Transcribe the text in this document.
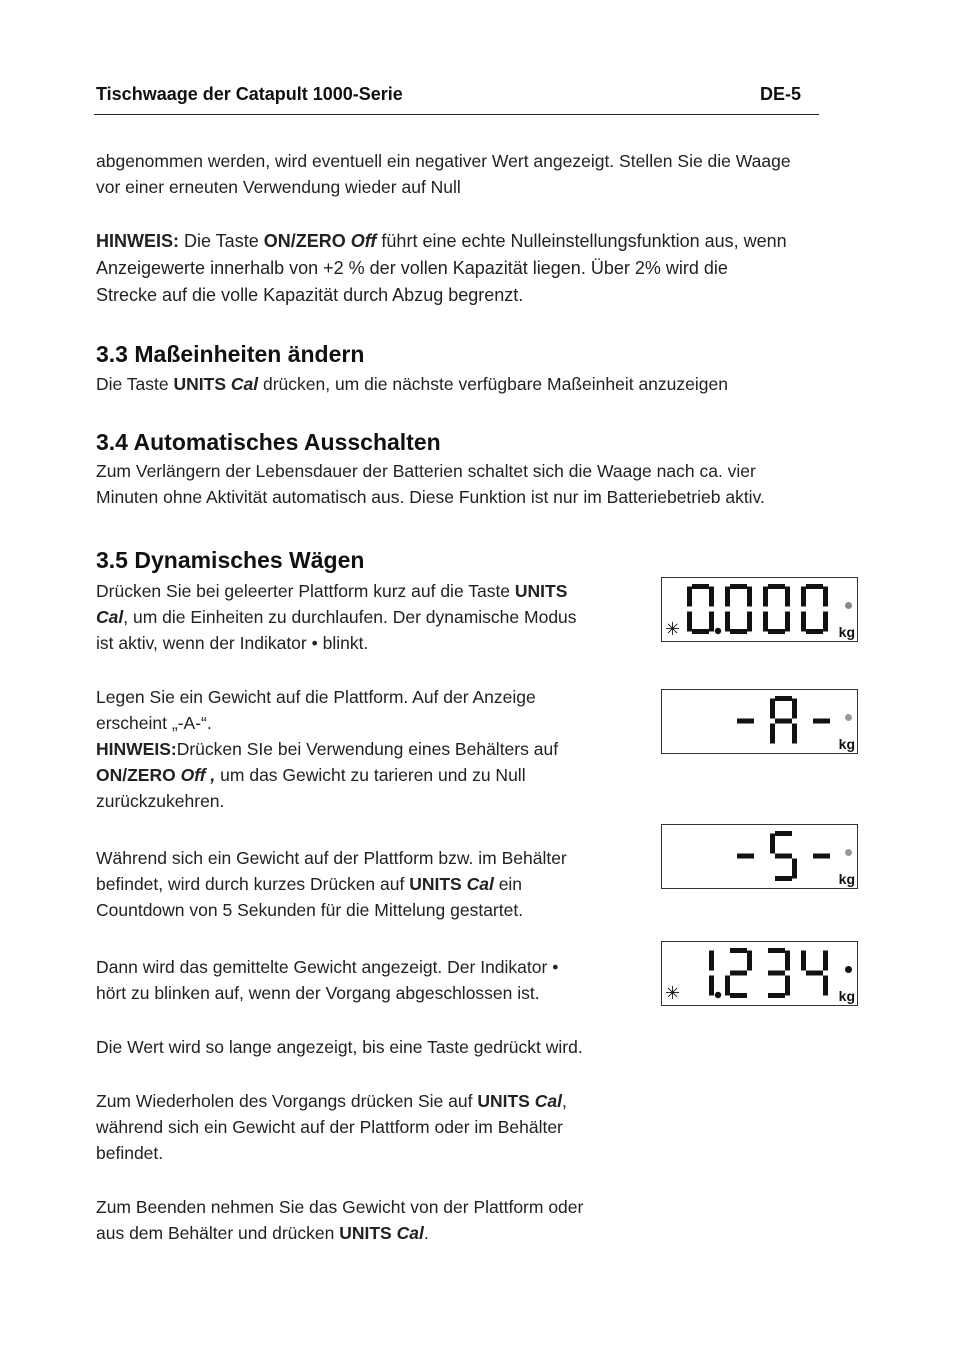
Tischwaage der Catapult 1000-Serie	DE-5
abgenommen werden, wird eventuell ein negativer Wert angezeigt. Stellen Sie die Waage
vor einer erneuten Verwendung wieder auf Null
HINWEIS: Die Taste ON/ZERO Off führt eine echte Nulleinstellungsfunktion aus, wenn
Anzeigewerte innerhalb von +2 % der vollen Kapazität liegen. Über 2% wird die
Strecke auf die volle Kapazität durch Abzug begrenzt.
3.3 Maßeinheiten ändern
Die Taste UNITS Cal drücken, um die nächste verfügbare Maßeinheit anzuzeigen
3.4 Automatisches Ausschalten
Zum Verlängern der Lebensdauer der Batterien schaltet sich die Waage nach ca. vier
Minuten ohne Aktivität automatisch aus. Diese Funktion ist nur im Batteriebetrieb aktiv.
3.5 Dynamisches Wägen
Drücken Sie bei geleerter Plattform kurz auf die Taste UNITS
Cal, um die Einheiten zu durchlaufen. Der dynamische Modus
ist aktiv, wenn der Indikator • blinkt.
Legen Sie ein Gewicht auf die Plattform. Auf der Anzeige
erscheint „-A-“.
HINWEIS:Drücken SIe bei Verwendung eines Behälters auf
ON/ZERO Off , um das Gewicht zu tarieren und zu Null
zurückzukehren.
Während sich ein Gewicht auf der Plattform bzw. im Behälter
befindet, wird durch kurzes Drücken auf UNITS Cal ein
Countdown von 5 Sekunden für die Mittelung gestartet.
Dann wird das gemittelte Gewicht angezeigt. Der Indikator •
hört zu blinken auf, wenn der Vorgang abgeschlossen ist.
Die Wert wird so lange angezeigt, bis eine Taste gedrückt wird.
Zum Wiederholen des Vorgangs drücken Sie auf UNITS Cal,
während sich ein Gewicht auf der Plattform oder im Behälter
befindet.
Zum Beenden nehmen Sie das Gewicht von der Plattform oder
aus dem Behälter und drücken UNITS Cal.
✳	kg
kg
kg
✳	kg
